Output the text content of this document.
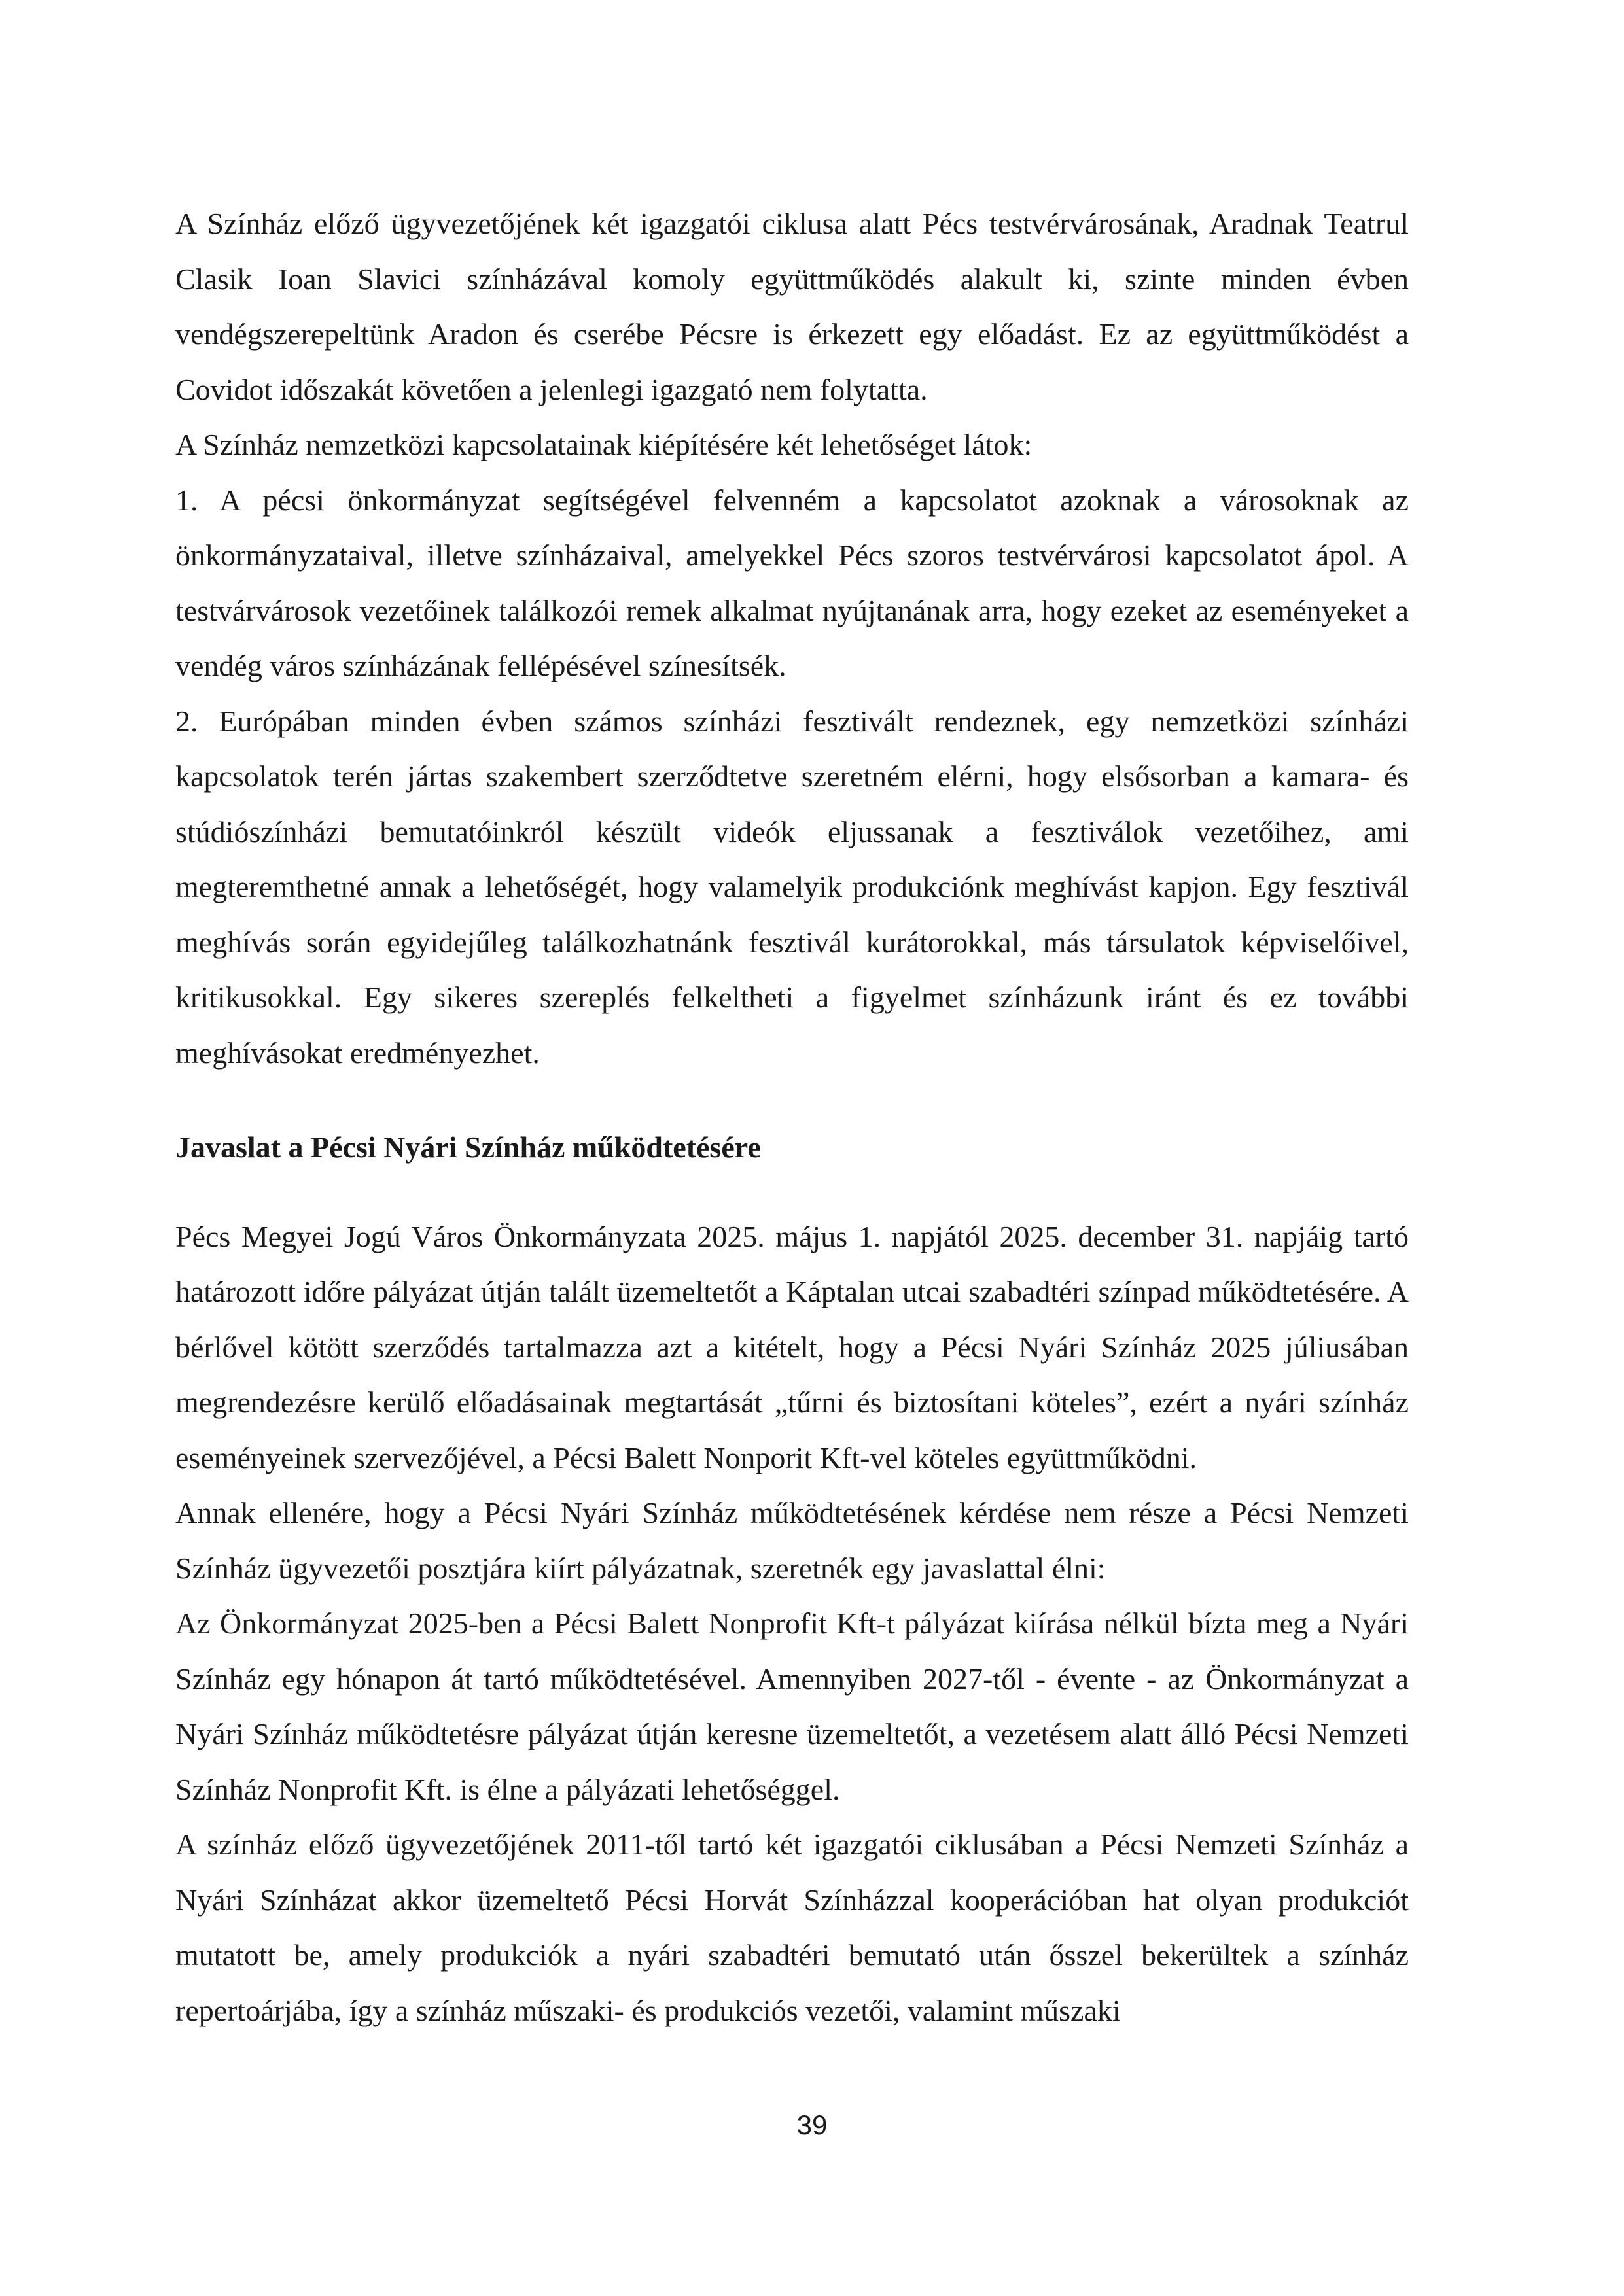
A Színház előző ügyvezetőjének két igazgatói ciklusa alatt Pécs testvérvárosának, Aradnak Teatrul Clasik Ioan Slavici színházával komoly együttműködés alakult ki, szinte minden évben vendégszerepeltünk Aradon és cserébe Pécsre is érkezett egy előadást. Ez az együttműködést a Covidot időszakát követően a jelenlegi igazgató nem folytatta.

A Színház nemzetközi kapcsolatainak kiépítésére két lehetőséget látok:

1. A pécsi önkormányzat segítségével felvenném a kapcsolatot azoknak a városoknak az önkormányzataival, illetve színházaival, amelyekkel Pécs szoros testvérvárosi kapcsolatot ápol. A testvárvárosok vezetőinek találkozói remek alkalmat nyújtanának arra, hogy ezeket az eseményeket a vendég város színházának fellépésével színesítsék.

2. Európában minden évben számos színházi fesztivált rendeznek, egy nemzetközi színházi kapcsolatok terén jártas szakembert szerződtetve szeretném elérni, hogy elsősorban a kamara- és stúdiószínházi bemutatóinkról készült videók eljussanak a fesztiválok vezetőihez, ami megteremthetné annak a lehetőségét, hogy valamelyik produkciónk meghívást kapjon. Egy fesztivál meghívás során egyidejűleg találkozhatnánk fesztivál kurátorokkal, más társulatok képviselőivel, kritikusokkal. Egy sikeres szereplés felkeltheti a figyelmet színházunk iránt és ez további meghívásokat eredményezhet.

Javaslat a Pécsi Nyári Színház működtetésére

Pécs Megyei Jogú Város Önkormányzata 2025. május 1. napjától 2025. december 31. napjáig tartó határozott időre pályázat útján talált üzemeltetőt a Káptalan utcai szabadtéri színpad működtetésére. A bérlővel kötött szerződés tartalmazza azt a kitételt, hogy a Pécsi Nyári Színház 2025 júliusában megrendezésre kerülő előadásainak megtartását „tűrni és biztosítani köteles”, ezért a nyári színház eseményeinek szervezőjével, a Pécsi Balett Nonporit Kft-vel köteles együttműködni.

Annak ellenére, hogy a Pécsi Nyári Színház működtetésének kérdése nem része a Pécsi Nemzeti Színház ügyvezetői posztjára kiírt pályázatnak, szeretnék egy javaslattal élni:

Az Önkormányzat 2025-ben a Pécsi Balett Nonprofit Kft-t pályázat kiírása nélkül bízta meg a Nyári Színház egy hónapon át tartó működtetésével. Amennyiben 2027-től - évente - az Önkormányzat a Nyári Színház működtetésre pályázat útján keresne üzemeltetőt, a vezetésem alatt álló Pécsi Nemzeti Színház Nonprofit Kft. is élne a pályázati lehetőséggel.

A színház előző ügyvezetőjének 2011-től tartó két igazgatói ciklusában a Pécsi Nemzeti Színház a Nyári Színházat akkor üzemeltető Pécsi Horvát Színházzal kooperációban hat olyan produkciót mutatott be, amely produkciók a nyári szabadtéri bemutató után ősszel bekerültek a színház repertoárjába, így a színház műszaki- és produkciós vezetői, valamint műszaki

39
